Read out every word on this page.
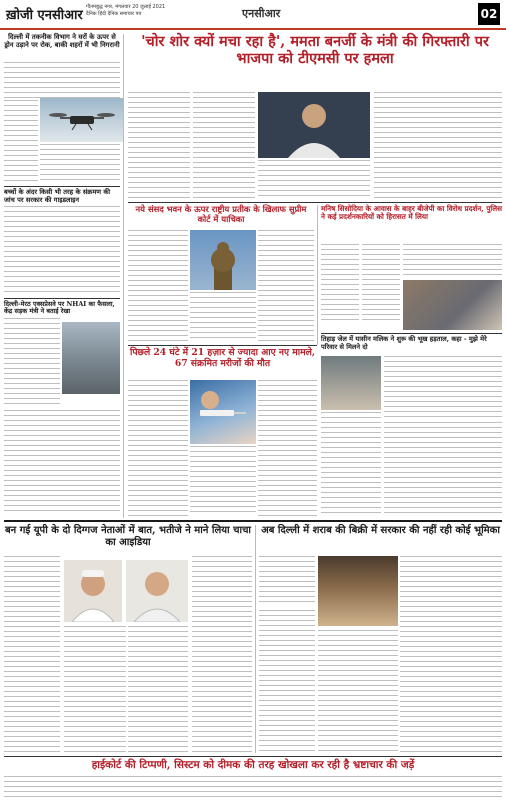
ख़ोजी एनसीआर
गौतमबुद्ध नगर, मंगलवार 20 जुलाई 2021
दैनिक हिंदी दैनिक समाचार पत्र	एनसीआर	02
दिल्ली में तकनीक विभाग ने घरों के ऊपर से ड्रोन उड़ाने पर रोक, बाकी शहरों में भी निगरानी
बच्चों के अंदर किसी भी तरह के संक्रमण की जांच पर सरकार की गाइडलाइन
दिल्ली-मेरठ एक्सप्रेसवे पर NHAI का फैसला, केंद्र सड़क मंत्री ने बताई रेखा
'चोर शोर क्यों मचा रहा है', ममता बनर्जी के मंत्री की गिरफ्तारी पर भाजपा को टीएमसी पर हमला
नये संसद भवन के ऊपर राष्ट्रीय प्रतीक के खिलाफ सुप्रीम कोर्ट में याचिका
मनिष सिसोदिया के आवास के बाहर बीजेपी का विरोध प्रदर्शन, पुलिस ने कई प्रदर्शनकारियों को हिरासत में लिया
तिहाड़ जेल में यासीन मलिक ने शुरू की भूख हड़ताल, कहा - मुझे मेरे परिवार से मिलने दो
पिछले 24 घंटे में 21 हज़ार से ज्यादा आए नए मामले, 67 संक्रमित मरीजों की मौत
बन गई यूपी के दो दिग्गज नेताओं में बात, भतीजे ने माने लिया चाचा का आइडिया
अब दिल्ली में शराब की बिक्री में सरकार की नहीं रही कोई भूमिका
हाईकोर्ट की टिप्पणी, सिस्टम को दीमक की तरह खोखला कर रही है भ्रष्टाचार की जड़ें
